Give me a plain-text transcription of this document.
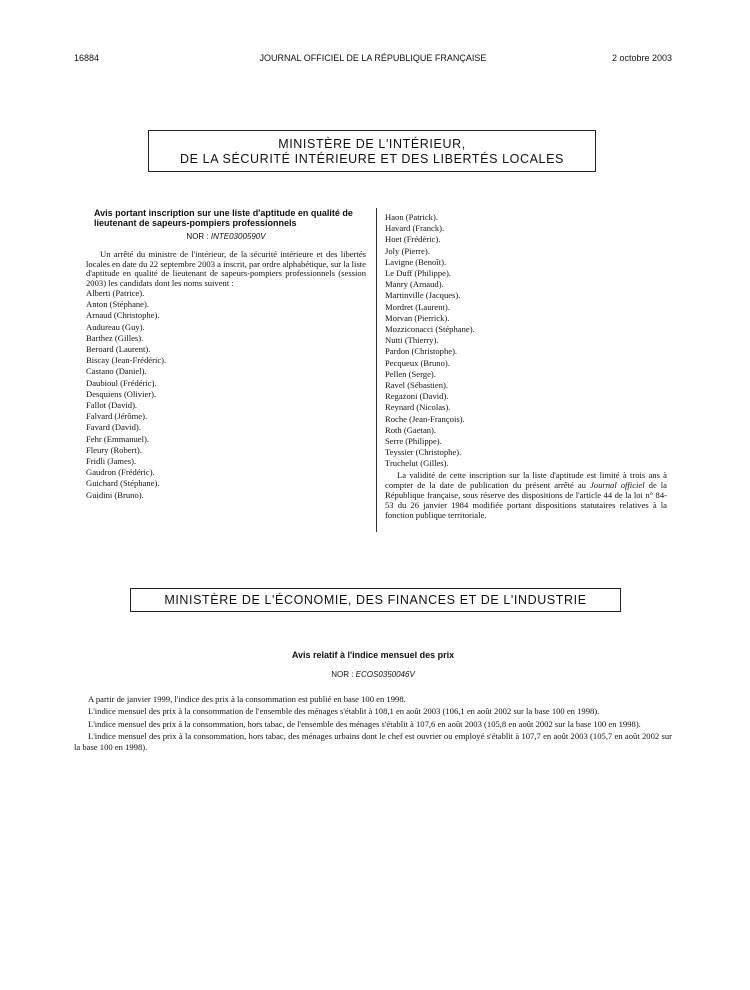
16884	JOURNAL OFFICIEL DE LA RÉPUBLIQUE FRANÇAISE	2 octobre 2003
MINISTÈRE DE L'INTÉRIEUR,
DE LA SÉCURITÉ INTÉRIEURE ET DES LIBERTÉS LOCALES
Avis portant inscription sur une liste d'aptitude en qualité de lieutenant de sapeurs-pompiers professionnels
NOR : INTE0300590V

Un arrêté du ministre de l'intérieur, de la sécurité intérieure et des libertés locales en date du 22 septembre 2003 a inscrit, par ordre alphabétique, sur la liste d'aptitude en qualité de lieutenant de sapeurs-pompiers professionnels (session 2003) les candidats dont les noms suivent :

Alberti (Patrice).
Anton (Stéphane).
Arnaud (Christophe).
Audureau (Guy).
Barthez (Gilles).
Beroard (Laurent).
Biscay (Jean-Frédéric).
Castano (Daniel).
Daubioul (Frédéric).
Desquiens (Olivier).
Fallot (David).
Falvard (Jérôme).
Favard (David).
Fehr (Emmanuel).
Fleury (Robert).
Fridli (James).
Gaudron (Frédéric).
Guichard (Stéphane).
Guidini (Bruno).
Haon (Patrick).
Havard (Franck).
Hoet (Frédéric).
Joly (Pierre).
Lavigne (Benoît).
Le Duff (Philippe).
Manry (Arnaud).
Martinville (Jacques).
Mordret (Laurent).
Morvan (Pierrick).
Mozziconacci (Stéphane).
Nutti (Thierry).
Pardon (Christophe).
Pecqueux (Bruno).
Pellen (Serge).
Ravel (Sébastien).
Regazoni (David).
Reynard (Nicolas).
Roche (Jean-François).
Roth (Gaetan).
Serre (Philippe).
Teyssier (Christophe).
Truchelut (Gilles).

La validité de cette inscription sur la liste d'aptitude est limité à trois ans à compter de la date de publication du présent arrêté au Journal officiel de la République française, sous réserve des dispositions de l'article 44 de la loi n° 84-53 du 26 janvier 1984 modifiée portant dispositions statutaires relatives à la fonction publique territoriale.

MINISTÈRE DE L'ÉCONOMIE, DES FINANCES ET DE L'INDUSTRIE
Avis relatif à l'indice mensuel des prix
NOR : ECOS0350046V

A partir de janvier 1999, l'indice des prix à la consommation est publié en base 100 en 1998.

L'indice mensuel des prix à la consommation de l'ensemble des ménages s'établit à 108,1 en août 2003 (106,1 en août 2002 sur la base 100 en 1998).

L'indice mensuel des prix à la consommation, hors tabac, de l'ensemble des ménages s'établit à 107,6 en août 2003 (105,8 en août 2002 sur la base 100 en 1998).

L'indice mensuel des prix à la consommation, hors tabac, des ménages urbains dont le chef est ouvrier ou employé s'établit à 107,7 en août 2003 (105,7 en août 2002 sur la base 100 en 1998).
